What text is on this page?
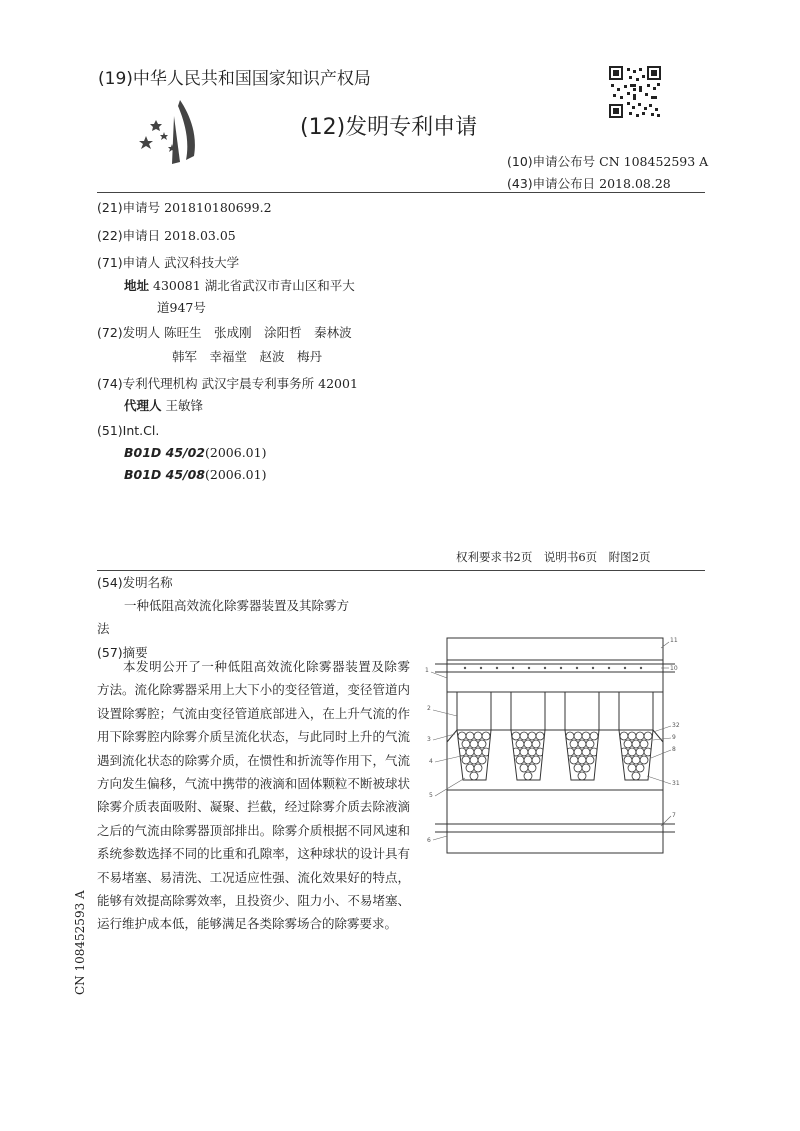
(19)中华人民共和国国家知识产权局
(12)发明专利申请
(10)申请公布号 CN 108452593 A
(43)申请公布日 2018.08.28
(21)申请号 201810180699.2
(22)申请日 2018.03.05
(71)申请人 武汉科技大学
地址 430081 湖北省武汉市青山区和平大
道947号
(72)发明人 陈旺生　张成刚　涂阳哲　秦林波
韩军　幸福堂　赵波　梅丹
(74)专利代理机构 武汉宇晨专利事务所 42001
代理人 王敏锋
(51)Int.Cl.
B01D 45/02(2006.01)
B01D 45/08(2006.01)
权利要求书2页　说明书6页　附图2页
(54)发明名称
一种低阻高效流化除雾器装置及其除雾方
法
(57)摘要

本发明公开了一种低阻高效流化除雾器装置及除雾方法。流化除雾器采用上大下小的变径管道，变径管道内设置除雾腔；气流由变径管道底部进入，在上升气流的作用下除雾腔内除雾介质呈流化状态，与此同时上升的气流遇到流化状态的除雾介质，在惯性和折流等作用下，气流方向发生偏移，气流中携带的液滴和固体颗粒不断被球状除雾介质表面吸附、凝聚、拦截，经过除雾介质去除液滴之后的气流由除雾器顶部排出。除雾介质根据不同风速和系统参数选择不同的比重和孔隙率，这种球状的设计具有不易堵塞、易清洗、工况适应性强、流化效果好的特点，能够有效提高除雾效率，且投资少、阻力小、不易堵塞、运行维护成本低，能够满足各类除雾场合的除雾要求。

CN 108452593 A
11
10
1
2
3
32
9
8
4
5
31
7
6
